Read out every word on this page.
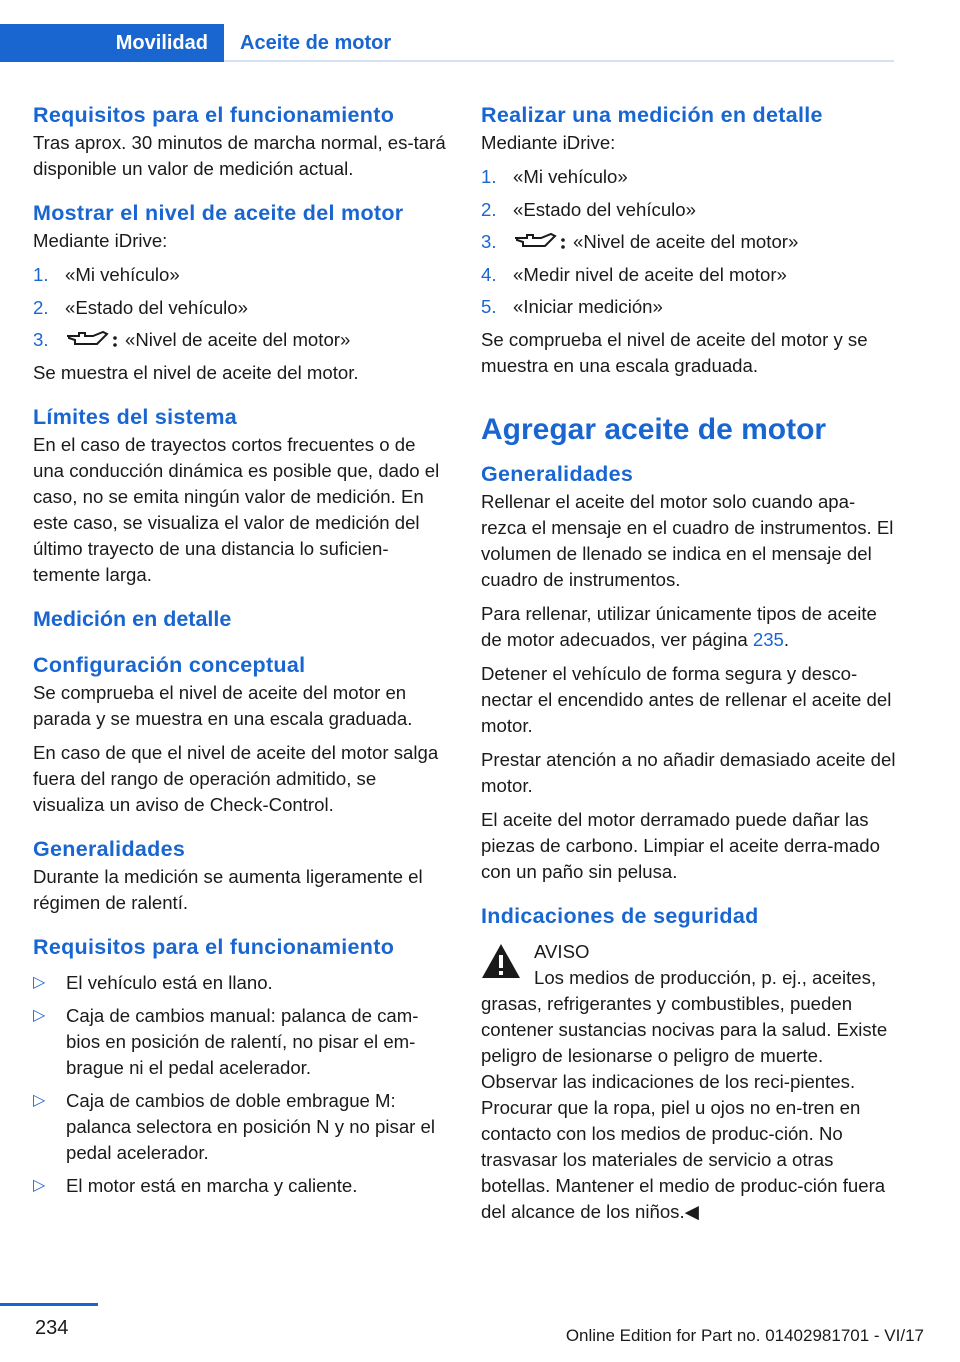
Movilidad	Aceite de motor
Requisitos para el funcionamiento

Tras aprox. 30 minutos de marcha normal, es‐tará disponible un valor de medición actual.

Mostrar el nivel de aceite del motor

Mediante iDrive:

1. «Mi vehículo»
2. «Estado del vehículo»
3.	«Nivel de aceite del motor»

Se muestra el nivel de aceite del motor.

Límites del sistema

En el caso de trayectos cortos frecuentes o de una conducción dinámica es posible que, dado el caso, no se emita ningún valor de medición. En este caso, se visualiza el valor de medición del último trayecto de una distancia lo suficien‐temente larga.

Medición en detalle
Configuración conceptual

Se comprueba el nivel de aceite del motor en parada y se muestra en una escala graduada.

En caso de que el nivel de aceite del motor salga fuera del rango de operación admitido, se visualiza un aviso de Check-Control.

Generalidades

Durante la medición se aumenta ligeramente el régimen de ralentí.

Requisitos para el funcionamiento
▷ El vehículo está en llano.
▷ Caja de cambios manual: palanca de cam‐bios en posición de ralentí, no pisar el em‐brague ni el pedal acelerador.
▷ Caja de cambios de doble embrague M: palanca selectora en posición N y no pisar el pedal acelerador.
▷ El motor está en marcha y caliente.
Realizar una medición en detalle

Mediante iDrive:

1. «Mi vehículo»
2. «Estado del vehículo»
3.	«Nivel de aceite del motor»
4. «Medir nivel de aceite del motor»
5. «Iniciar medición»

Se comprueba el nivel de aceite del motor y se muestra en una escala graduada.

Agregar aceite de motor
Generalidades

Rellenar el aceite del motor solo cuando apa‐rezca el mensaje en el cuadro de instrumentos. El volumen de llenado se indica en el mensaje del cuadro de instrumentos.

Para rellenar, utilizar únicamente tipos de aceite de motor adecuados, ver página 235.

Detener el vehículo de forma segura y desco‐nectar el encendido antes de rellenar el aceite del motor.

Prestar atención a no añadir demasiado aceite del motor.

El aceite del motor derramado puede dañar las piezas de carbono. Limpiar el aceite derra‐mado con un paño sin pelusa.

Indicaciones de seguridad

AVISO

Los medios de producción, p. ej., aceites,

grasas, refrigerantes y combustibles, pueden contener sustancias nocivas para la salud. Existe peligro de lesionarse o peligro de muerte. Observar las indicaciones de los reci‐pientes. Procurar que la ropa, piel u ojos no en‐tren en contacto con los medios de produc‐ción. No trasvasar los materiales de servicio a otras botellas. Mantener el medio de produc‐ción fuera del alcance de los niños.◀

234	Online Edition for Part no. 01402981701 - VI/17
